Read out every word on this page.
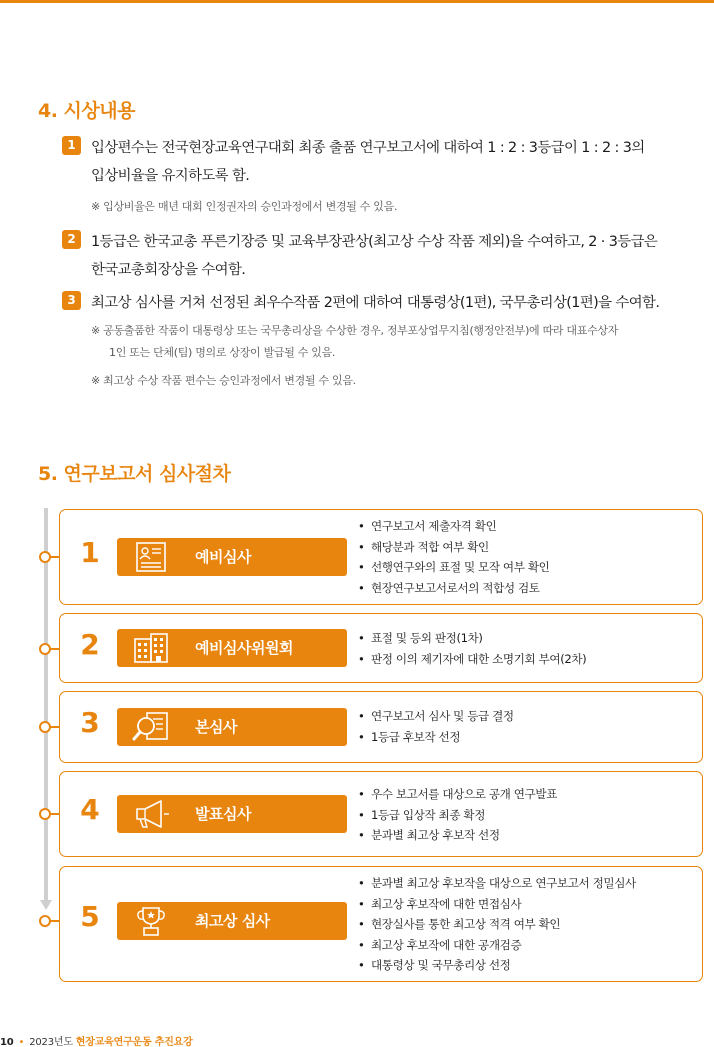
4. 시상내용
1	입상편수는 전국현장교육연구대회 최종 출품 연구보고서에 대하여 1 : 2 : 3등급이 1 : 2 : 3의

입상비율을 유지하도록 함.

※ 입상비율은 매년 대회 인정권자의 승인과정에서 변경될 수 있음.

2	1등급은 한국교총 푸른기장증 및 교육부장관상(최고상 수상 작품 제외)을 수여하고, 2 · 3등급은

한국교총회장상을 수여함.

3	최고상 심사를 거쳐 선정된 최우수작품 2편에 대하여 대통령상(1편), 국무총리상(1편)을 수여함.

※ 공동출품한 작품이 대통령상 또는 국무총리상을 수상한 경우, 정부포상업무지침(행정안전부)에 따라 대표수상자

1인 또는 단체(팀) 명의로 상장이 발급될 수 있음.

※ 최고상 수상 작품 편수는 승인과정에서 변경될 수 있음.

5. 연구보고서 심사절차
1	예비심사
• 연구보고서 제출자격 확인
• 해당분과 적합 여부 확인
• 선행연구와의 표절 및 모작 여부 확인
• 현장연구보고서로서의 적합성 검토
2	예비심사위원회
• 표절 및 등외 판정(1차)
• 판정 이의 제기자에 대한 소명기회 부여(2차)
3	본심사
• 연구보고서 심사 및 등급 결정
• 1등급 후보작 선정
4	발표심사
• 우수 보고서를 대상으로 공개 연구발표
• 1등급 입상작 최종 확정
• 분과별 최고상 후보작 선정
5	최고상 심사
• 분과별 최고상 후보작을 대상으로 연구보고서 정밀심사
• 최고상 후보작에 대한 면접심사
• 현장실사를 통한 최고상 적격 여부 확인
• 최고상 후보작에 대한 공개검증
• 대통령상 및 국무총리상 선정
10 • 2023년도 현장교육연구운동 추진요강
